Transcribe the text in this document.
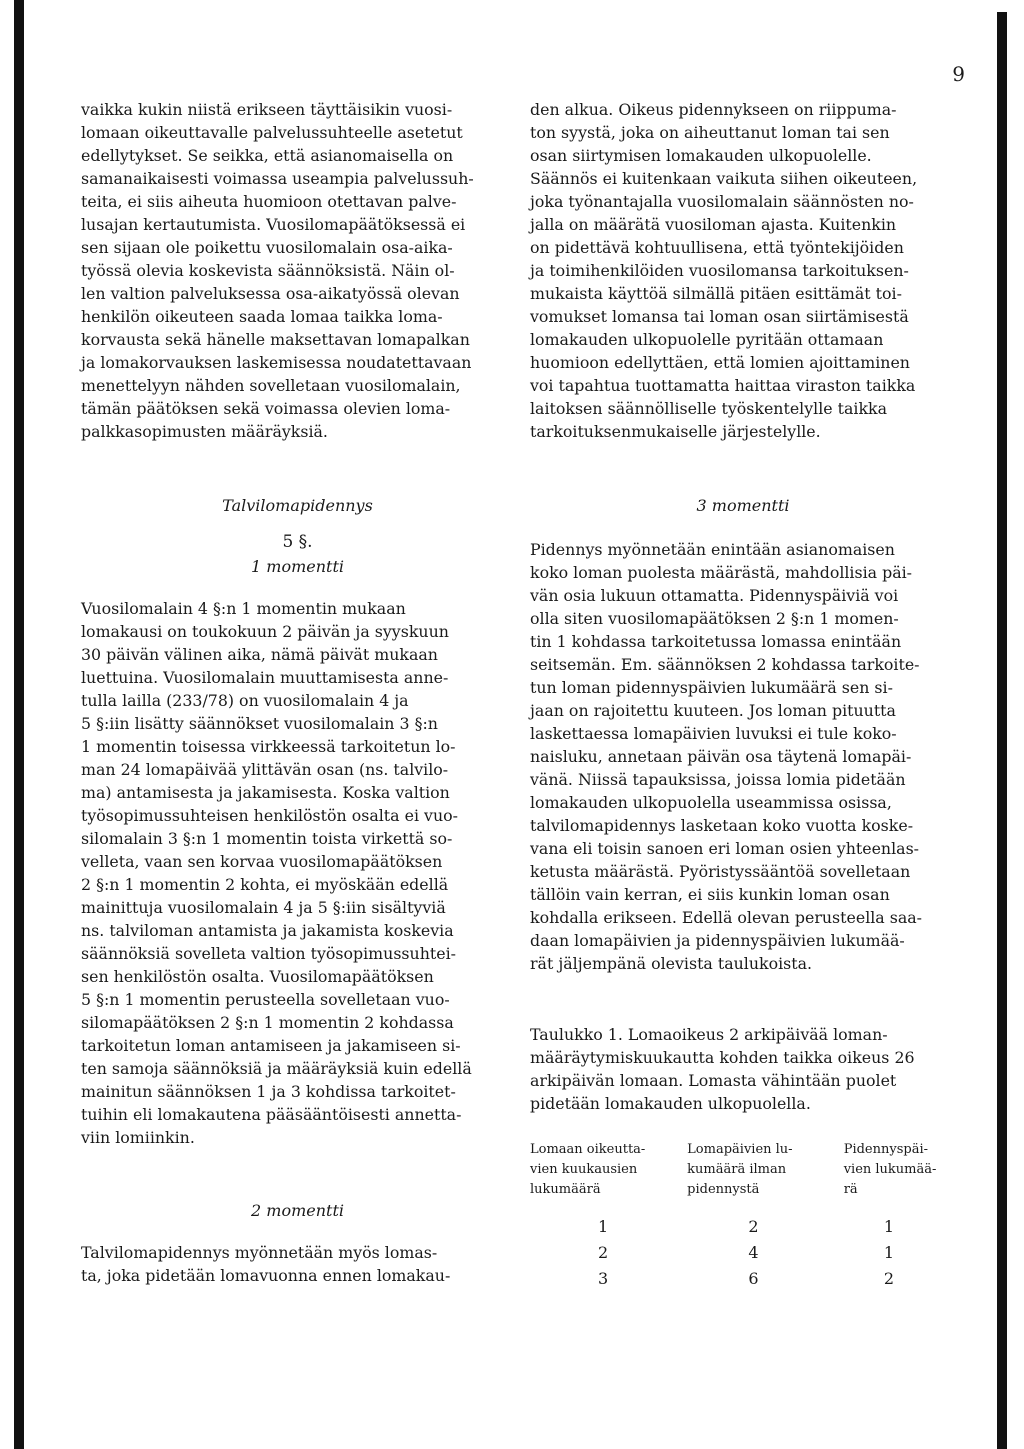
9

vaikka kukin niistä erikseen täyttäisikin vuosi-
lomaan oikeuttavalle palvelussuhteelle asetetut
edellytykset. Se seikka, että asianomaisella on
samanaikaisesti voimassa useampia palvelussuh-
teita, ei siis aiheuta huomioon otettavan palve-
lusajan kertautumista. Vuosilomapäätöksessä ei
sen sijaan ole poikettu vuosilomalain osa-aika-
työssä olevia koskevista säännöksistä. Näin ol-
len valtion palveluksessa osa-aikatyössä olevan
henkilön oikeuteen saada lomaa taikka loma-
korvausta sekä hänelle maksettavan lomapalkan
ja lomakorvauksen laskemisessa noudatettavaan
menettelyyn nähden sovelletaan vuosilomalain,
tämän päätöksen sekä voimassa olevien loma-
palkkasopimusten määräyksiä.

Talvilomapidennys

5 §.

1 momentti

Vuosilomalain 4 §:n 1 momentin mukaan
lomakausi on toukokuun 2 päivän ja syyskuun
30 päivän välinen aika, nämä päivät mukaan
luettuina. Vuosilomalain muuttamisesta anne-
tulla lailla (233/78) on vuosilomalain 4 ja
5 §:iin lisätty säännökset vuosilomalain 3 §:n
1 momentin toisessa virkkeessä tarkoitetun lo-
man 24 lomapäivää ylittävän osan (ns. talvilo-
ma) antamisesta ja jakamisesta. Koska valtion
työsopimussuhteisen henkilöstön osalta ei vuo-
silomalain 3 §:n 1 momentin toista virkettä so-
velleta, vaan sen korvaa vuosilomapäätöksen
2 §:n 1 momentin 2 kohta, ei myöskään edellä
mainittuja vuosilomalain 4 ja 5 §:iin sisältyviä
ns. talviloman antamista ja jakamista koskevia
säännöksiä sovelleta valtion työsopimussuhtei-
sen henkilöstön osalta. Vuosilomapäätöksen
5 §:n 1 momentin perusteella sovelletaan vuo-
silomapäätöksen 2 §:n 1 momentin 2 kohdassa
tarkoitetun loman antamiseen ja jakamiseen si-
ten samoja säännöksiä ja määräyksiä kuin edellä
mainitun säännöksen 1 ja 3 kohdissa tarkoitet-
tuihin eli lomakautena pääsääntöisesti annetta-
viin lomiinkin.

2 momentti

Talvilomapidennys myönnetään myös lomas-
ta, joka pidetään lomavuonna ennen lomakau-

den alkua. Oikeus pidennykseen on riippuma-
ton syystä, joka on aiheuttanut loman tai sen
osan siirtymisen lomakauden ulkopuolelle.
Säännös ei kuitenkaan vaikuta siihen oikeuteen,
joka työnantajalla vuosilomalain säännösten no-
jalla on määrätä vuosiloman ajasta. Kuitenkin
on pidettävä kohtuullisena, että työntekijöiden
ja toimihenkilöiden vuosilomansa tarkoituksen-
mukaista käyttöä silmällä pitäen esittämät toi-
vomukset lomansa tai loman osan siirtämisestä
lomakauden ulkopuolelle pyritään ottamaan
huomioon edellyttäen, että lomien ajoittaminen
voi tapahtua tuottamatta haittaa viraston taikka
laitoksen säännölliselle työskentelylle taikka
tarkoituksenmukaiselle järjestelylle.

3 momentti

Pidennys myönnetään enintään asianomaisen
koko loman puolesta määrästä, mahdollisia päi-
vän osia lukuun ottamatta. Pidennyspäiviä voi
olla siten vuosilomapäätöksen 2 §:n 1 momen-
tin 1 kohdassa tarkoitetussa lomassa enintään
seitsemän. Em. säännöksen 2 kohdassa tarkoite-
tun loman pidennyspäivien lukumäärä sen si-
jaan on rajoitettu kuuteen. Jos loman pituutta
laskettaessa lomapäivien luvuksi ei tule koko-
naisluku, annetaan päivän osa täytenä lomapäi-
vänä. Niissä tapauksissa, joissa lomia pidetään
lomakauden ulkopuolella useammissa osissa,
talvilomapidennys lasketaan koko vuotta koske-
vana eli toisin sanoen eri loman osien yhteenlas-
ketusta määrästä. Pyöristyssääntöä sovelletaan
tällöin vain kerran, ei siis kunkin loman osan
kohdalla erikseen. Edellä olevan perusteella saa-
daan lomapäivien ja pidennyspäivien lukumää-
rät jäljempänä olevista taulukoista.

Taulukko 1. Lomaoikeus 2 arkipäivää loman-
määräytymiskuukautta kohden taikka oikeus 26
arkipäivän lomaan. Lomasta vähintään puolet
pidetään lomakauden ulkopuolella.

Lomaan oikeutta-
vien kuukausien
lukumäärä	Lomapäivien lu-
kumäärä ilman
pidennystä	Pidennyspäi-
vien lukumää-
rä
1	2	1
2	4	1
3	6	2
